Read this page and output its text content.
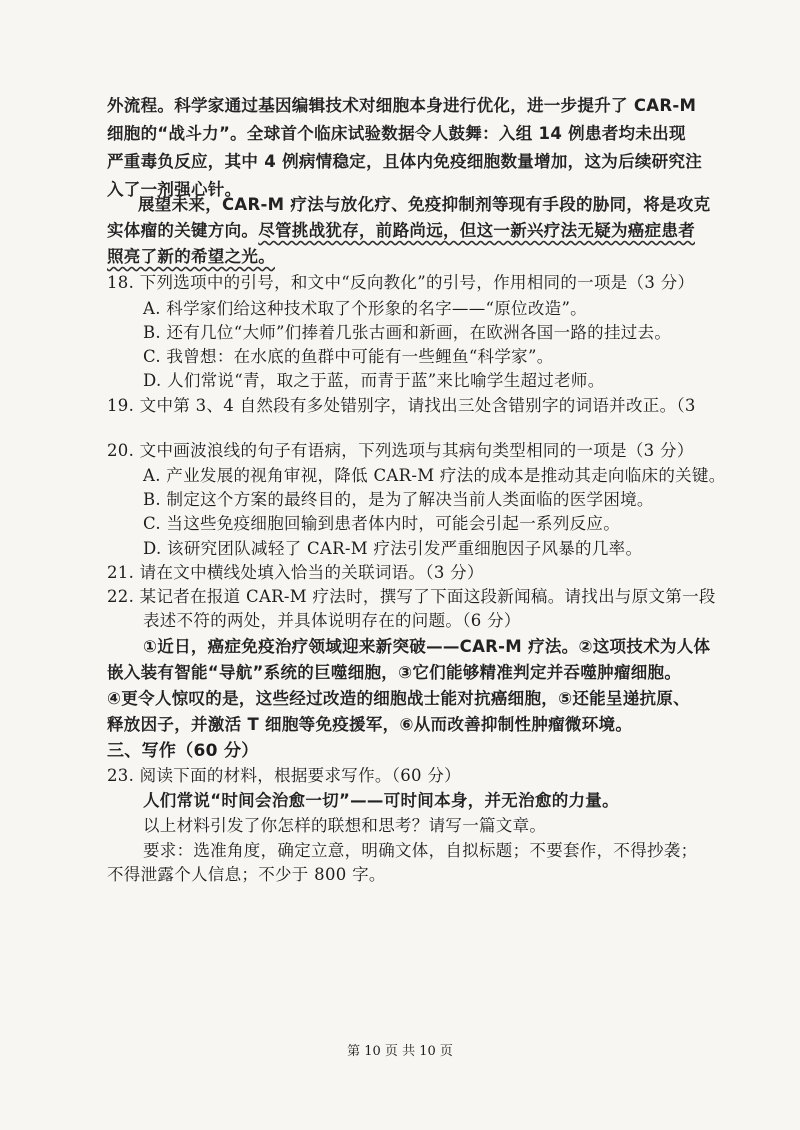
外流程。科学家通过基因编辑技术对细胞本身进行优化，进一步提升了 CAR-M
细胞的“战斗力”。全球首个临床试验数据令人鼓舞：入组 14 例患者均未出现
严重毒负反应，其中 4 例病情稳定，且体内免疫细胞数量增加，这为后续研究注
入了一剂强心针。
展望未来，CAR-M 疗法与放化疗、免疫抑制剂等现有手段的胁同，将是攻克
实体瘤的关键方向。尽管挑战犹存，前路尚远，但这一新兴疗法无疑为癌症患者
照亮了新的希望之光。
18. 下列选项中的引号，和文中“反向教化”的引号，作用相同的一项是（3 分）
A. 科学家们给这种技术取了个形象的名字——“原位改造”。
B. 还有几位“大师”们捧着几张古画和新画，在欧洲各国一路的挂过去。
C. 我曾想：在水底的鱼群中可能有一些鲤鱼“科学家”。
D. 人们常说“青，取之于蓝，而青于蓝”来比喻学生超过老师。
19. 文中第 3、4 自然段有多处错别字，请找出三处含错别字的词语并改正。（3
20. 文中画波浪线的句子有语病，下列选项与其病句类型相同的一项是（3 分）
A. 产业发展的视角审视，降低 CAR-M 疗法的成本是推动其走向临床的关键。
B. 制定这个方案的最终目的，是为了解决当前人类面临的医学困境。
C. 当这些免疫细胞回输到患者体内时，可能会引起一系列反应。
D. 该研究团队减轻了 CAR-M 疗法引发严重细胞因子风暴的几率。
21. 请在文中横线处填入恰当的关联词语。（3 分）
22. 某记者在报道 CAR-M 疗法时，撰写了下面这段新闻稿。请找出与原文第一段
表述不符的两处，并具体说明存在的问题。（6 分）
①近日，癌症免疫治疗领域迎来新突破——CAR-M 疗法。②这项技术为人体
嵌入装有智能“导航”系统的巨噬细胞，③它们能够精准判定并吞噬肿瘤细胞。
④更令人惊叹的是，这些经过改造的细胞战士能对抗癌细胞，⑤还能呈递抗原、
释放因子，并激活 T 细胞等免疫援军，⑥从而改善抑制性肿瘤微环境。
三、写作（60 分）
23. 阅读下面的材料，根据要求写作。（60 分）
人们常说“时间会治愈一切”——可时间本身，并无治愈的力量。
以上材料引发了你怎样的联想和思考？请写一篇文章。
要求：选准角度，确定立意，明确文体，自拟标题；不要套作，不得抄袭；
不得泄露个人信息；不少于 800 字。
第 10 页 共 10 页
